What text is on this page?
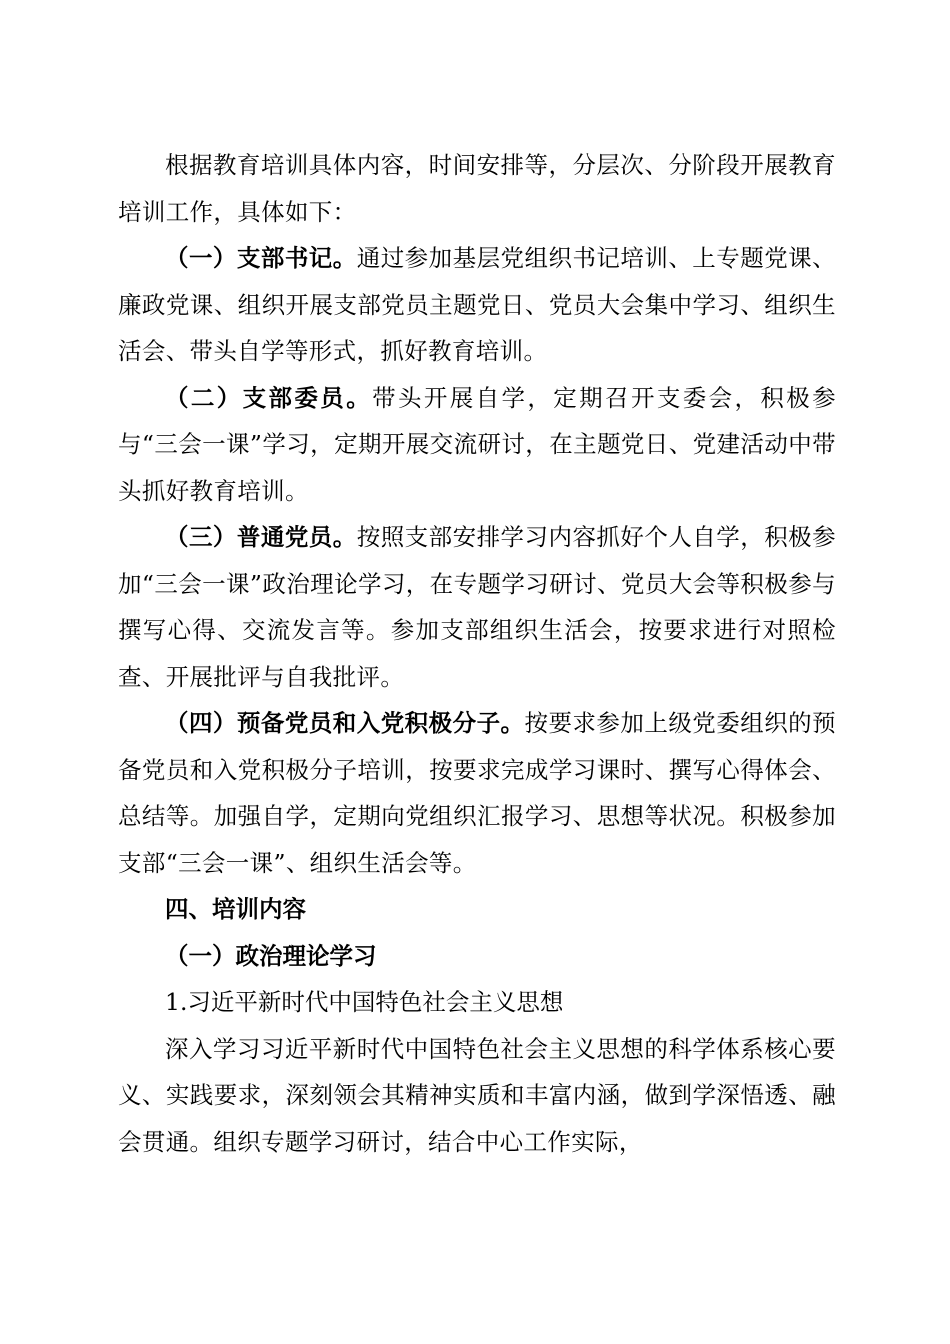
根据教育培训具体内容，时间安排等，分层次、分阶段开展教育培训工作，具体如下：

（一）支部书记。通过参加基层党组织书记培训、上专题党课、廉政党课、组织开展支部党员主题党日、党员大会集中学习、组织生活会、带头自学等形式，抓好教育培训。

（二）支部委员。带头开展自学，定期召开支委会，积极参与“三会一课”学习，定期开展交流研讨，在主题党日、党建活动中带头抓好教育培训。

（三）普通党员。按照支部安排学习内容抓好个人自学，积极参加“三会一课”政治理论学习，在专题学习研讨、党员大会等积极参与撰写心得、交流发言等。参加支部组织生活会，按要求进行对照检查、开展批评与自我批评。

（四）预备党员和入党积极分子。按要求参加上级党委组织的预备党员和入党积极分子培训，按要求完成学习课时、撰写心得体会、总结等。加强自学，定期向党组织汇报学习、思想等状况。积极参加支部“三会一课”、组织生活会等。

四、培训内容

（一）政治理论学习

1.习近平新时代中国特色社会主义思想

深入学习习近平新时代中国特色社会主义思想的科学体系核心要义、实践要求，深刻领会其精神实质和丰富内涵，做到学深悟透、融会贯通。组织专题学习研讨，结合中心工作实际，
